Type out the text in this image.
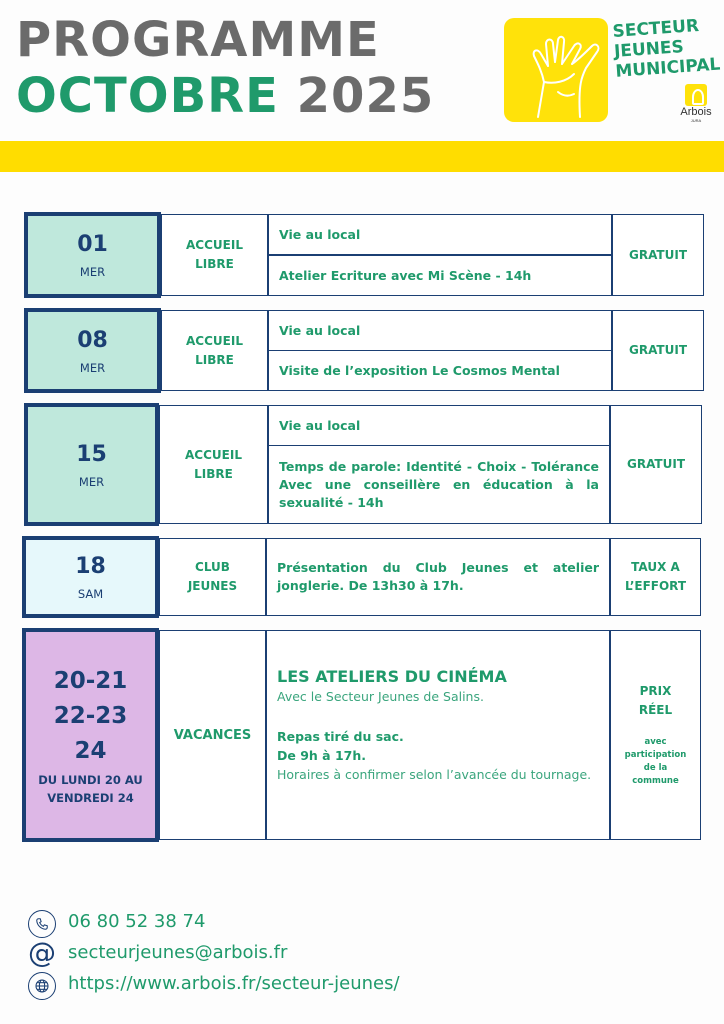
PROGRAMME
OCTOBRE 2025
SECTEUR
JEUNES
MUNICIPAL
Arbois
JURA
01
MER
ACCUEIL LIBRE
Vie au local
Atelier Ecriture avec Mi Scène - 14h
GRATUIT
08
MER
ACCUEIL LIBRE
Vie au local
Visite de l’exposition Le Cosmos Mental
GRATUIT
15
MER
ACCUEIL LIBRE
Vie au local
Temps de parole: Identité - Choix - Tolérance Avec une conseillère en éducation à la sexualité - 14h
GRATUIT
18
SAM
CLUB JEUNES
Présentation du Club Jeunes et atelier jonglerie. De 13h30 à 17h.
TAUX A L’EFFORT
20-21
22-23
24
DU LUNDI 20 AU VENDREDI 24
VACANCES
LES ATELIERS DU CINÉMA
Avec le Secteur Jeunes de Salins.
Repas tiré du sac.
De 9h à 17h.
Horaires à confirmer selon l’avancée du tournage.
PRIX RÉEL
avec participation de la commune
06 80 52 38 74
@ secteurjeunes@arbois.fr
https://www.arbois.fr/secteur-jeunes/
